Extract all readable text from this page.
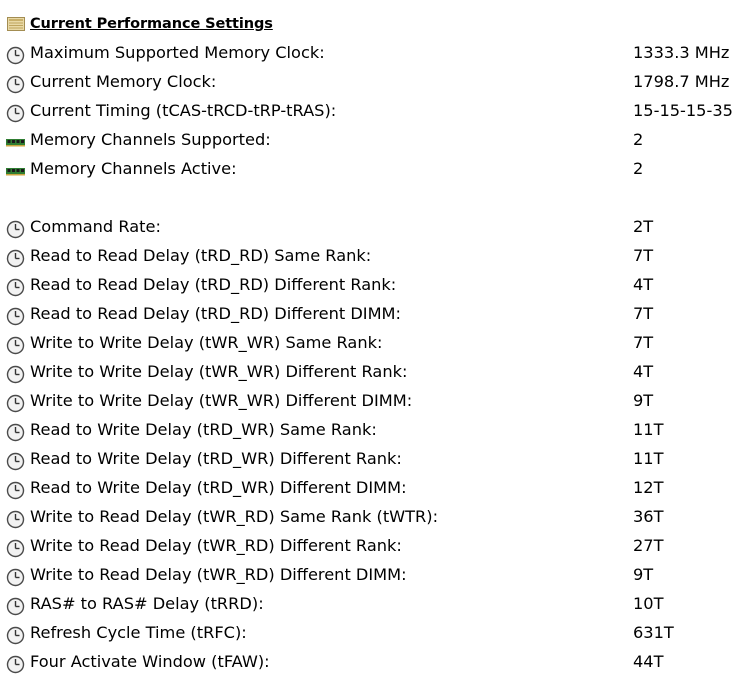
Current Performance Settings
Maximum Supported Memory Clock:	1333.3 MHz
Current Memory Clock:	1798.7 MHz
Current Timing (tCAS-tRCD-tRP-tRAS):	15-15-15-35
Memory Channels Supported:	2
Memory Channels Active:	2
Command Rate:	2T
Read to Read Delay (tRD_RD) Same Rank:	7T
Read to Read Delay (tRD_RD) Different Rank:	4T
Read to Read Delay (tRD_RD) Different DIMM:	7T
Write to Write Delay (tWR_WR) Same Rank:	7T
Write to Write Delay (tWR_WR) Different Rank:	4T
Write to Write Delay (tWR_WR) Different DIMM:	9T
Read to Write Delay (tRD_WR) Same Rank:	11T
Read to Write Delay (tRD_WR) Different Rank:	11T
Read to Write Delay (tRD_WR) Different DIMM:	12T
Write to Read Delay (tWR_RD) Same Rank (tWTR):	36T
Write to Read Delay (tWR_RD) Different Rank:	27T
Write to Read Delay (tWR_RD) Different DIMM:	9T
RAS# to RAS# Delay (tRRD):	10T
Refresh Cycle Time (tRFC):	631T
Four Activate Window (tFAW):	44T
